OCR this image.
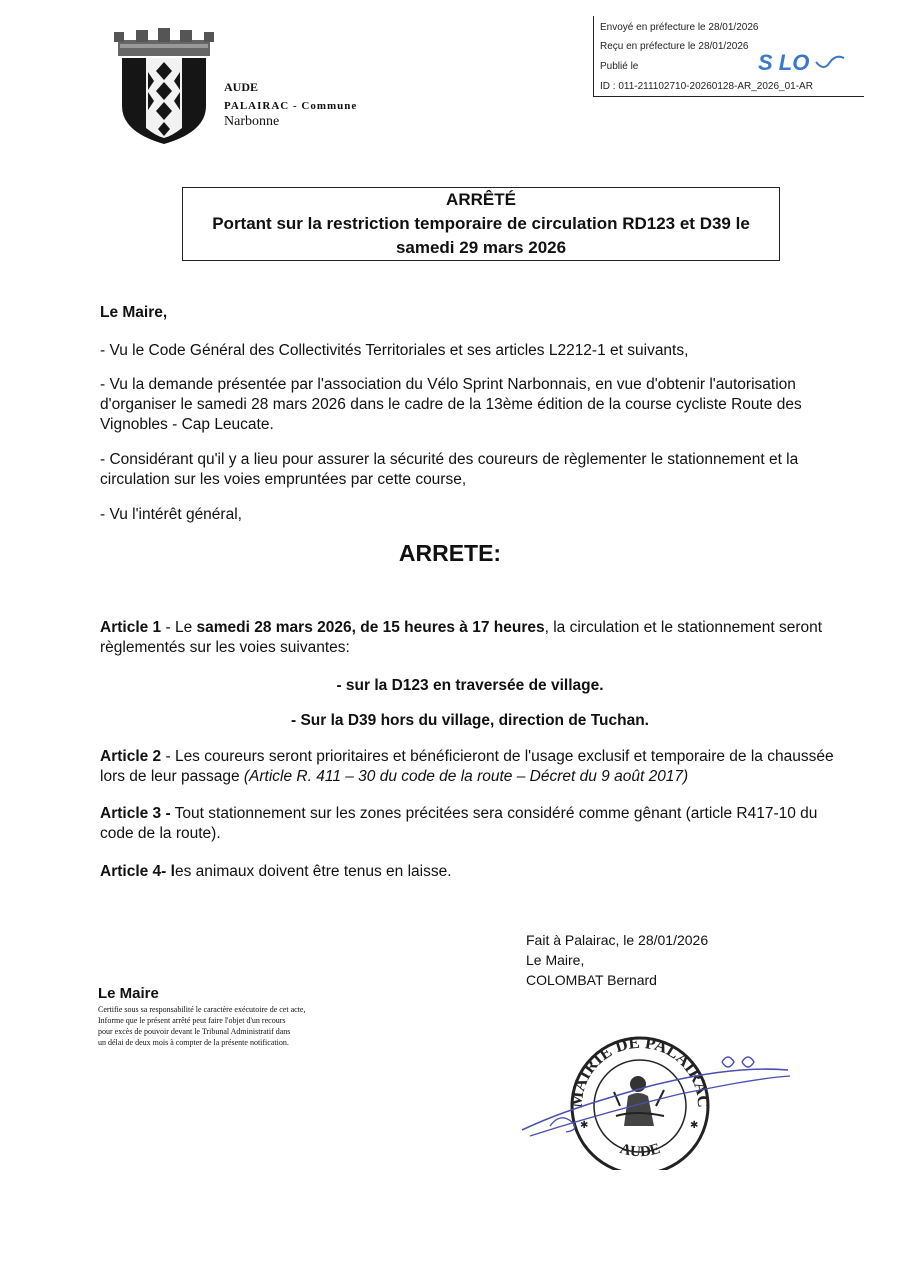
Envoyé en préfecture le 28/01/2026
Reçu en préfecture le 28/01/2026
Publié le
ID : 011-211102710-20260128-AR_2026_01-AR
S LO
AUDE
PALAIRAC - Commune
Narbonne
ARRÊTÉ
Portant sur la restriction temporaire de circulation RD123 et D39 le
samedi 29 mars 2026
Le Maire,
- Vu le Code Général des Collectivités Territoriales et ses articles L2212-1 et suivants,
- Vu la demande présentée par l'association du Vélo Sprint Narbonnais, en vue d'obtenir l'autorisation d'organiser le samedi 28 mars 2026 dans le cadre de la 13ème édition de la course cycliste Route des Vignobles - Cap Leucate.
- Considérant qu'il y a lieu pour assurer la sécurité des coureurs de règlementer le stationnement et la circulation sur les voies empruntées par cette course,
- Vu l'intérêt général,
ARRETE:
Article 1 - Le samedi 28 mars 2026, de 15 heures à 17 heures, la circulation et le stationnement seront règlementés sur les voies suivantes:
- sur la D123 en traversée de village.
- Sur la D39 hors du village, direction de Tuchan.
Article 2 - Les coureurs seront prioritaires et bénéficieront de l'usage exclusif et temporaire de la chaussée lors de leur passage (Article R. 411 – 30 du code de la route – Décret du 9 août 2017)
Article 3 - Tout stationnement sur les zones précitées sera considéré comme gênant (article R417-10 du code de la route).
Article 4- les animaux doivent être tenus en laisse.
Fait à Palairac, le 28/01/2026
Le Maire,
COLOMBAT Bernard
Le Maire
Certifie sous sa responsabilité le caractère exécutoire de cet acte,
Informe que le présent arrêté peut faire l'objet d'un recours
pour excès de pouvoir devant le Tribunal Administratif dans
un délai de deux mois à compter de la présente notification.
MAIRIE DE PALAIRAC
AUDE
✱	✱
